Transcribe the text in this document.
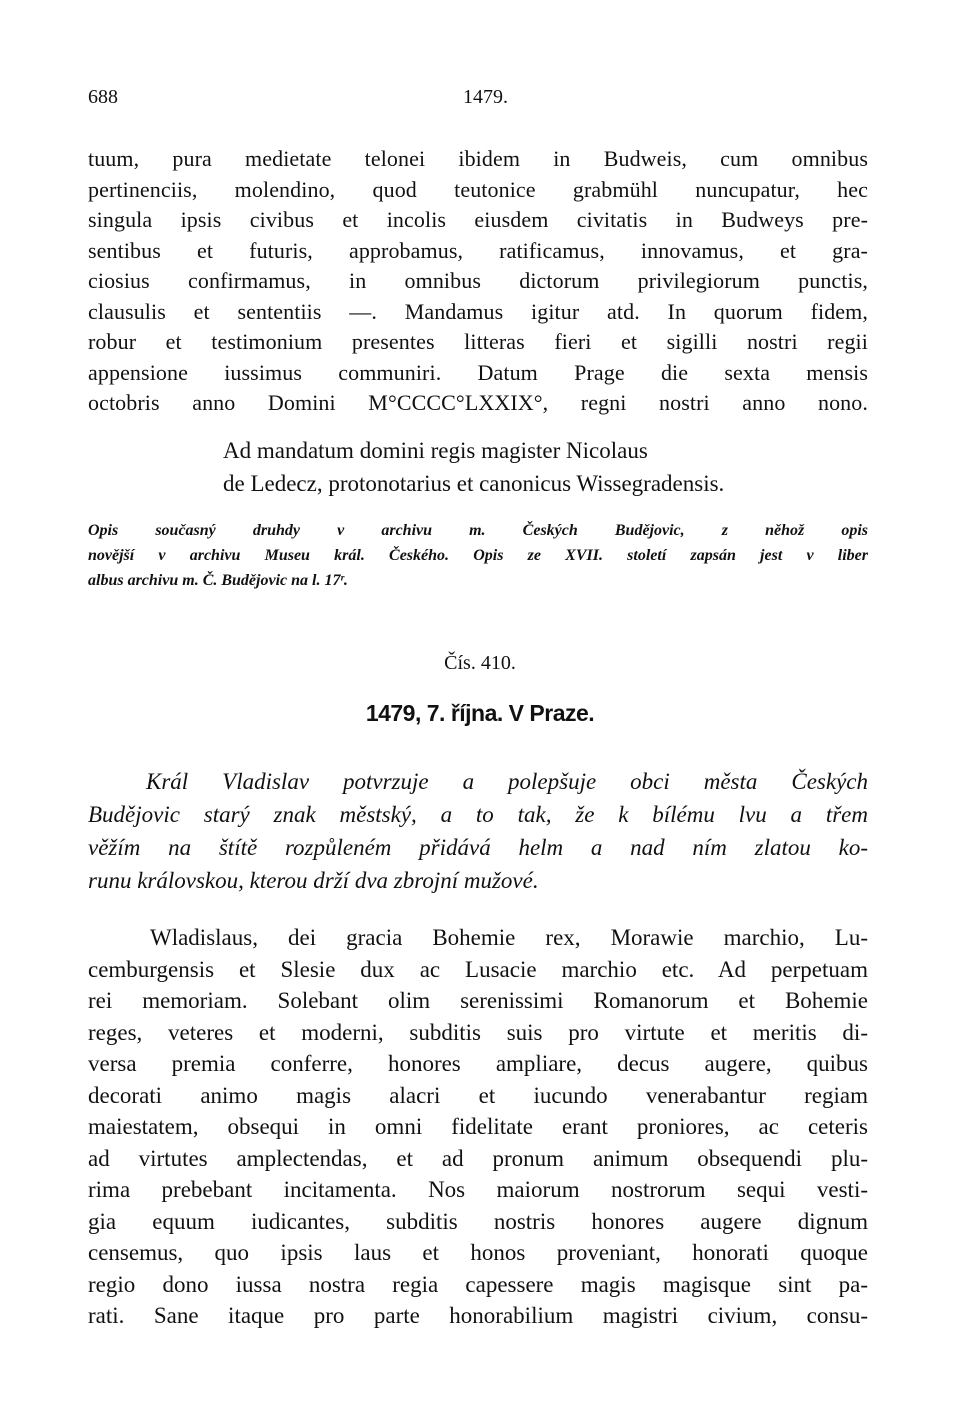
688	1479.
tuum, pura medietate telonei ibidem in Budweis, cum omnibus
pertinenciis, molendino, quod teutonice grabmühl nuncupatur, hec
singula ipsis civibus et incolis eiusdem civitatis in Budweys pre-
sentibus et futuris, approbamus, ratificamus, innovamus, et gra-
ciosius confirmamus, in omnibus dictorum privilegiorum punctis,
clausulis et sententiis —. Mandamus igitur atd. In quorum fidem,
robur et testimonium presentes litteras fieri et sigilli nostri regii
appensione iussimus communiri. Datum Prage die sexta mensis
octobris anno Domini M°CCCC°LXXIX°, regni nostri anno nono.
Ad mandatum domini regis magister Nicolaus
de Ledecz, protonotarius et canonicus Wissegradensis.
Opis současný druhdy v archivu m. Českých Budějovic, z něhož opis
novější v archivu Museu král. Českého. Opis ze XVII. století zapsán jest v liber
albus archivu m. Č. Budějovic na l. 17ʳ.
Čís. 410.
1479, 7. října. V Praze.
Král Vladislav potvrzuje a polepšuje obci města Českých
Budějovic starý znak městský, a to tak, že k bílému lvu a třem
věžím na štítě rozpůleném přidává helm a nad ním zlatou ko-
runu královskou, kterou drží dva zbrojní mužové.
Wladislaus, dei gracia Bohemie rex, Morawie marchio, Lu-
cemburgensis et Slesie dux ac Lusacie marchio etc. Ad perpetuam
rei memoriam. Solebant olim serenissimi Romanorum et Bohemie
reges, veteres et moderni, subditis suis pro virtute et meritis di-
versa premia conferre, honores ampliare, decus augere, quibus
decorati animo magis alacri et iucundo venerabantur regiam
maiestatem, obsequi in omni fidelitate erant proniores, ac ceteris
ad virtutes amplectendas, et ad pronum animum obsequendi plu-
rima prebebant incitamenta. Nos maiorum nostrorum sequi vesti-
gia equum iudicantes, subditis nostris honores augere dignum
censemus, quo ipsis laus et honos proveniant, honorati quoque
regio dono iussa nostra regia capessere magis magisque sint pa-
rati. Sane itaque pro parte honorabilium magistri civium, consu-
